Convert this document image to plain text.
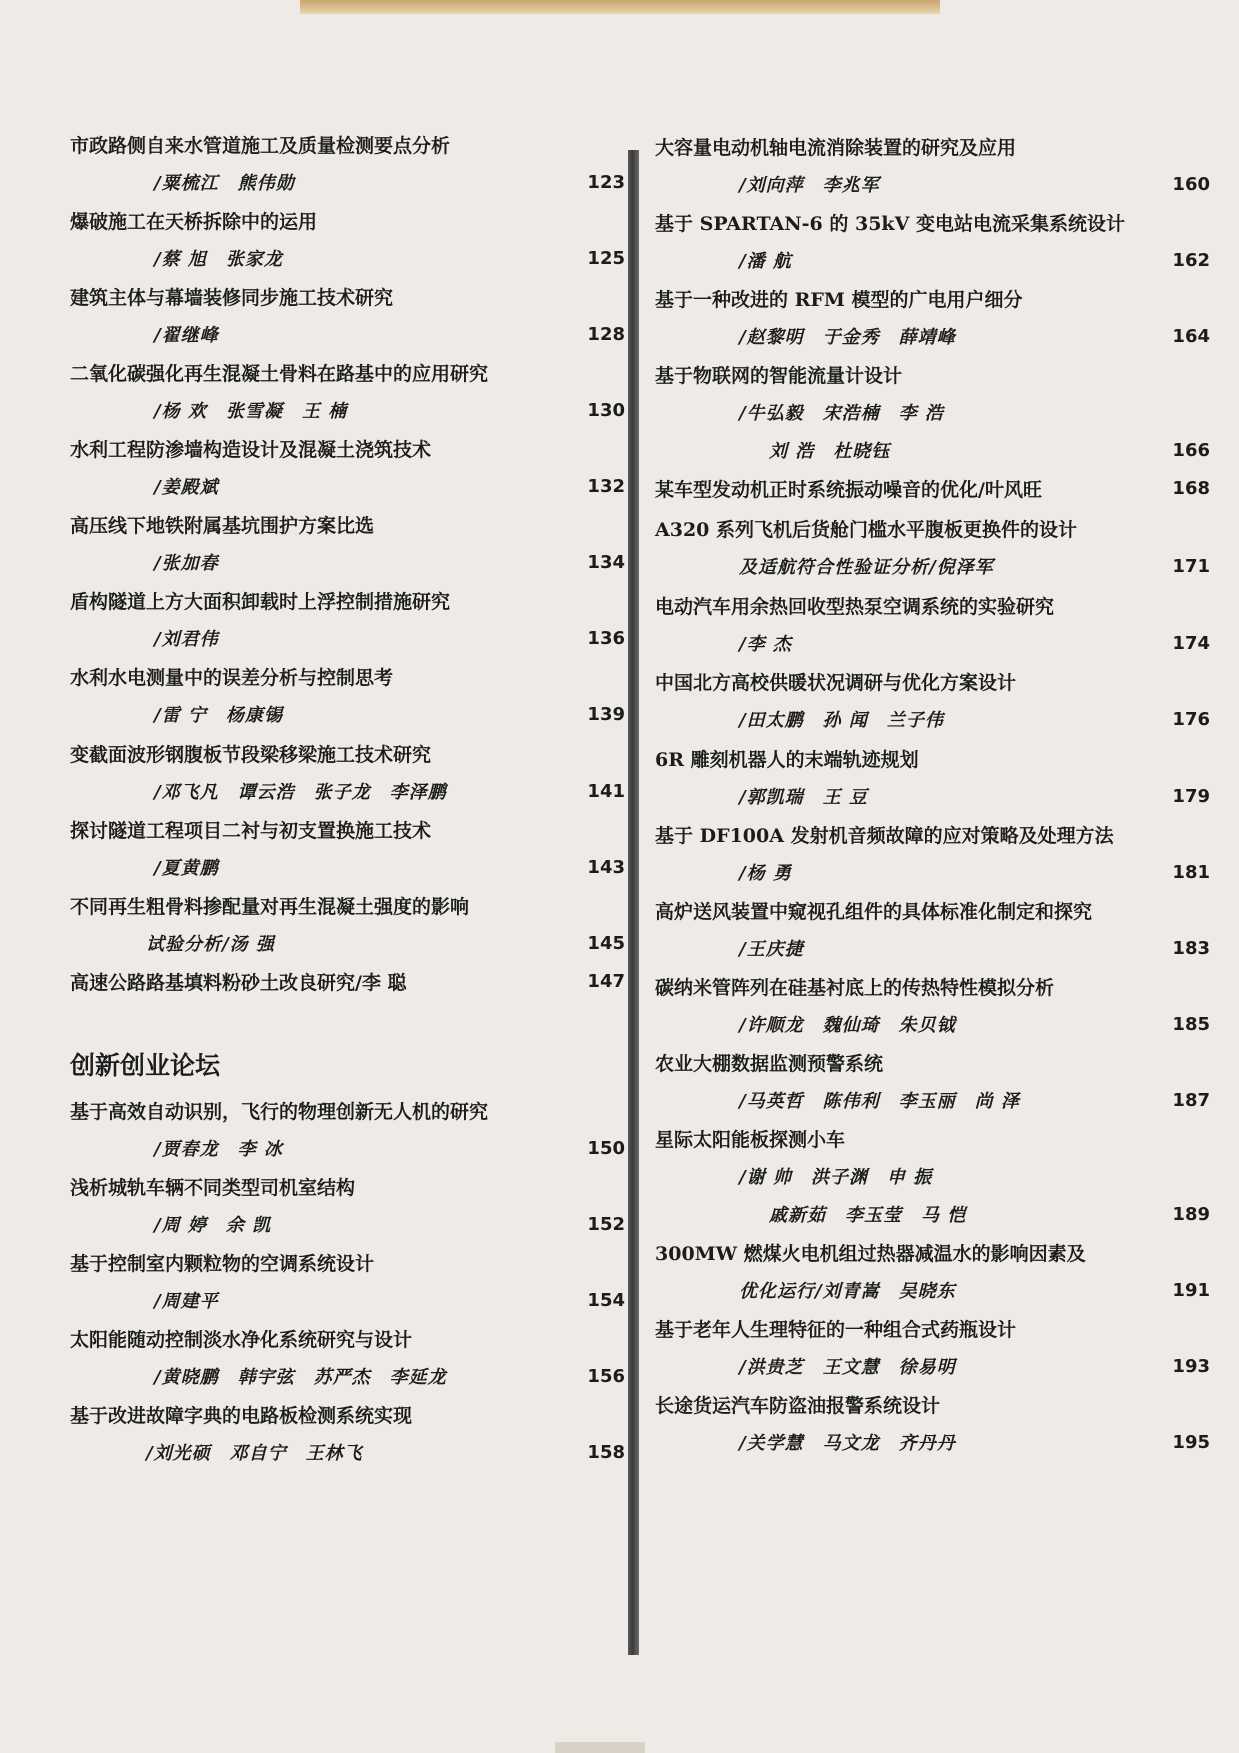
市政路侧自来水管道施工及质量检测要点分析
/粟梳江　熊伟勋	123
爆破施工在天桥拆除中的运用
/蔡 旭　张家龙	125
建筑主体与幕墙装修同步施工技术研究
/翟继峰	128
二氧化碳强化再生混凝土骨料在路基中的应用研究
/杨 欢　张雪凝　王 楠	130
水利工程防渗墙构造设计及混凝土浇筑技术
/姜殿斌	132
高压线下地铁附属基坑围护方案比选
/张加春	134
盾构隧道上方大面积卸载时上浮控制措施研究
/刘君伟	136
水利水电测量中的误差分析与控制思考
/雷 宁　杨康锡	139
变截面波形钢腹板节段梁移梁施工技术研究
/邓飞凡　谭云浩　张子龙　李泽鹏	141
探讨隧道工程项目二衬与初支置换施工技术
/夏黄鹏	143
不同再生粗骨料掺配量对再生混凝土强度的影响
试验分析/汤 强	145
高速公路路基填料粉砂土改良研究/李 聪	147
创新创业论坛
基于高效自动识别，飞行的物理创新无人机的研究
/贾春龙　李 冰	150
浅析城轨车辆不同类型司机室结构
/周 婷　余 凯	152
基于控制室内颗粒物的空调系统设计
/周建平	154
太阳能随动控制淡水净化系统研究与设计
/黄晓鹏　韩宇弦　苏严杰　李延龙	156
基于改进故障字典的电路板检测系统实现
/刘光硕　邓自宁　王林飞	158
大容量电动机轴电流消除装置的研究及应用
/刘向萍　李兆军	160
基于 SPARTAN-6 的 35kV 变电站电流采集系统设计
/潘 航	162
基于一种改进的 RFM 模型的广电用户细分
/赵黎明　于金秀　薛靖峰	164
基于物联网的智能流量计设计
/牛弘毅　宋浩楠　李 浩
刘 浩　杜晓钰	166
某车型发动机正时系统振动噪音的优化/叶风旺	168
A320 系列飞机后货舱门槛水平腹板更换件的设计
及适航符合性验证分析/倪泽军	171
电动汽车用余热回收型热泵空调系统的实验研究
/李 杰	174
中国北方高校供暖状况调研与优化方案设计
/田太鹏　孙 闻　兰子伟	176
6R 雕刻机器人的末端轨迹规划
/郭凯瑞　王 豆	179
基于 DF100A 发射机音频故障的应对策略及处理方法
/杨 勇	181
高炉送风装置中窥视孔组件的具体标准化制定和探究
/王庆捷	183
碳纳米管阵列在硅基衬底上的传热特性模拟分析
/许顺龙　魏仙琦　朱贝钺	185
农业大棚数据监测预警系统
/马英哲　陈伟利　李玉丽　尚 泽	187
星际太阳能板探测小车
/谢 帅　洪子渊　申 振
戚新茹　李玉莹　马 恺	189
300MW 燃煤火电机组过热器减温水的影响因素及
优化运行/刘青嵩　吴晓东	191
基于老年人生理特征的一种组合式药瓶设计
/洪贵芝　王文慧　徐易明	193
长途货运汽车防盗油报警系统设计
/关学慧　马文龙　齐丹丹	195
